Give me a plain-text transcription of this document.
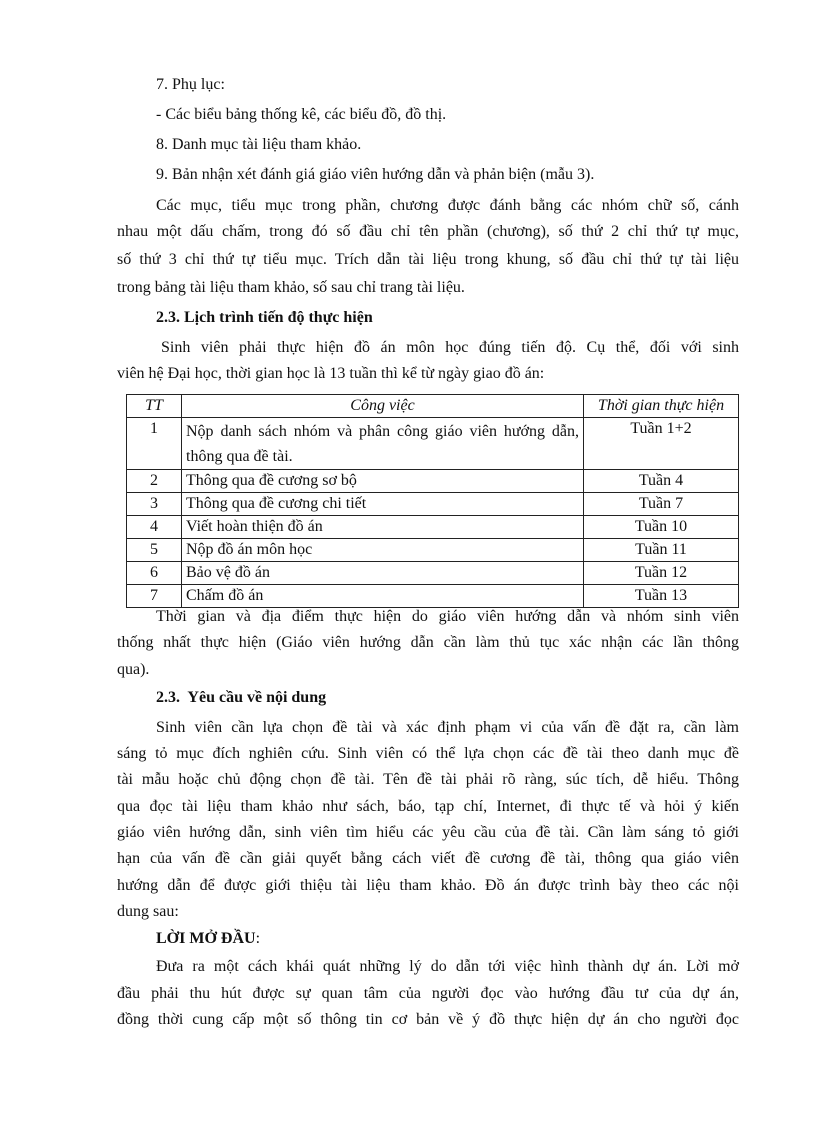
7. Phụ lục:
- Các biểu bảng thống kê, các biểu đồ, đồ thị.
8. Danh mục tài liệu tham khảo.
9. Bản nhận xét đánh giá giáo viên hướng dẫn và phản biện (mẫu 3).
Các mục, tiểu mục trong phần, chương được đánh bằng các nhóm chữ số, cánh
nhau một dấu chấm, trong đó số đầu chỉ tên phần (chương), số thứ 2 chỉ thứ tự mục,
số thứ 3 chỉ thứ tự tiểu mục. Trích dẫn tài liệu trong khung, số đầu chỉ thứ tự tài liệu
trong bảng tài liệu tham khảo, số sau chỉ trang tài liệu.
2.3. Lịch trình tiến độ thực hiện
Sinh viên phải thực hiện đồ án môn học đúng tiến độ. Cụ thể, đối với sinh
viên hệ Đại học, thời gian học là 13 tuần thì kể từ ngày giao đồ án:
TT	Công việc	Thời gian thực hiện
1	Nộp danh sách nhóm và phân công giáo viên hướng dẫn, thông qua đề tài.	Tuần 1+2
2	Thông qua đề cương sơ bộ	Tuần 4
3	Thông qua đề cương chi tiết	Tuần 7
4	Viết hoàn thiện đồ án	Tuần 10
5	Nộp đồ án môn học	Tuần 11
6	Bảo vệ đồ án	Tuần 12
7	Chấm đồ án	Tuần 13
Thời gian và địa điểm thực hiện do giáo viên hướng dẫn và nhóm sinh viên
thống nhất thực hiện (Giáo viên hướng dẫn cần làm thủ tục xác nhận các lần thông
qua).
2.3.  Yêu cầu về nội dung
Sinh viên cần lựa chọn đề tài và xác định phạm vi của vấn đề đặt ra, cần làm
sáng tỏ mục đích nghiên cứu. Sinh viên có thể lựa chọn các đề tài theo danh mục đề
tài mẫu hoặc chủ động chọn đề tài. Tên đề tài phải rõ ràng, súc tích, dễ hiểu. Thông
qua đọc tài liệu tham khảo như sách, báo, tạp chí, Internet, đi thực tế và hỏi ý kiến
giáo viên hướng dẫn, sinh viên tìm hiểu các yêu cầu của đề tài. Cần làm sáng tỏ giới
hạn của vấn đề cần giải quyết bằng cách viết đề cương đề tài, thông qua giáo viên
hướng dẫn để được giới thiệu tài liệu tham khảo. Đồ án được trình bày theo các nội
dung sau:
LỜI MỞ ĐẦU:
Đưa ra một cách khái quát những lý do dẫn tới việc hình thành dự án. Lời mở
đầu phải thu hút được sự quan tâm của người đọc vào hướng đầu tư của dự án,
đồng thời cung cấp một số thông tin cơ bản về ý đồ thực hiện dự án cho người đọc
